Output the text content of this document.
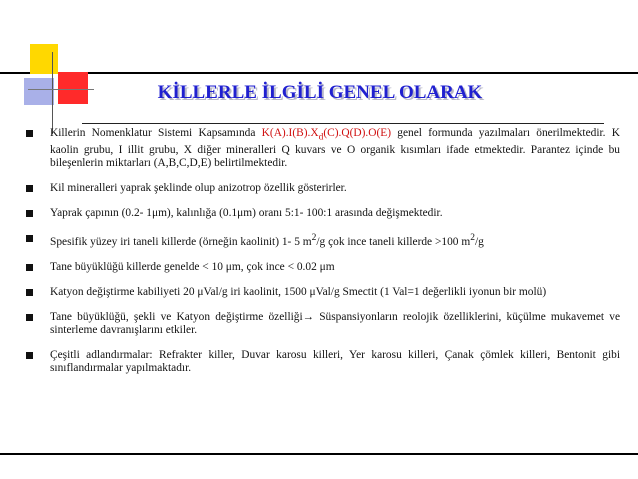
KİLLERLE İLGİLİ GENEL OLARAK
Killerin Nomenklatur Sistemi Kapsamında $K(A).I(B).X_d(C).Q(D).O(E)$ genel formunda yazılmaları önerilmektedir. K kaolin grubu, I illit grubu, X diğer mineralleri Q kuvars ve O organik kısımları ifade etmektedir. Parantez içinde bu bileşenlerin miktarları (A,B,C,D,E) belirtilmektedir.
Kil mineralleri yaprak şeklinde olup anizotrop özellik gösterirler.
Yaprak çapının (0.2- 1μm), kalınlığa (0.1μm) oranı 5:1- 100:1 arasında değişmektedir.
Spesifik yüzey iri taneli killerde (örneğin kaolinit) 1- 5 $m^2/g$ çok ince taneli killerde >100 $m^2/g$
Tane büyüklüğü killerde genelde < 10 μm, çok ince < 0.02 μm
Katyon değiştirme kabiliyeti 20 μVal/g iri kaolinit, 1500 μVal/g Smectit (1 Val=1 değerlikli iyonun bir molü)
Tane büyüklüğü, şekli ve Katyon değiştirme özelliği→ Süspansiyonların reolojik özelliklerini, küçülme mukavemet ve sinterleme davranışlarını etkiler.
Çeşitli adlandırmalar: Refrakter killer, Duvar karosu killeri, Yer karosu killeri, Çanak çömlek killeri, Bentonit gibi sınıflandırmalar yapılmaktadır.
